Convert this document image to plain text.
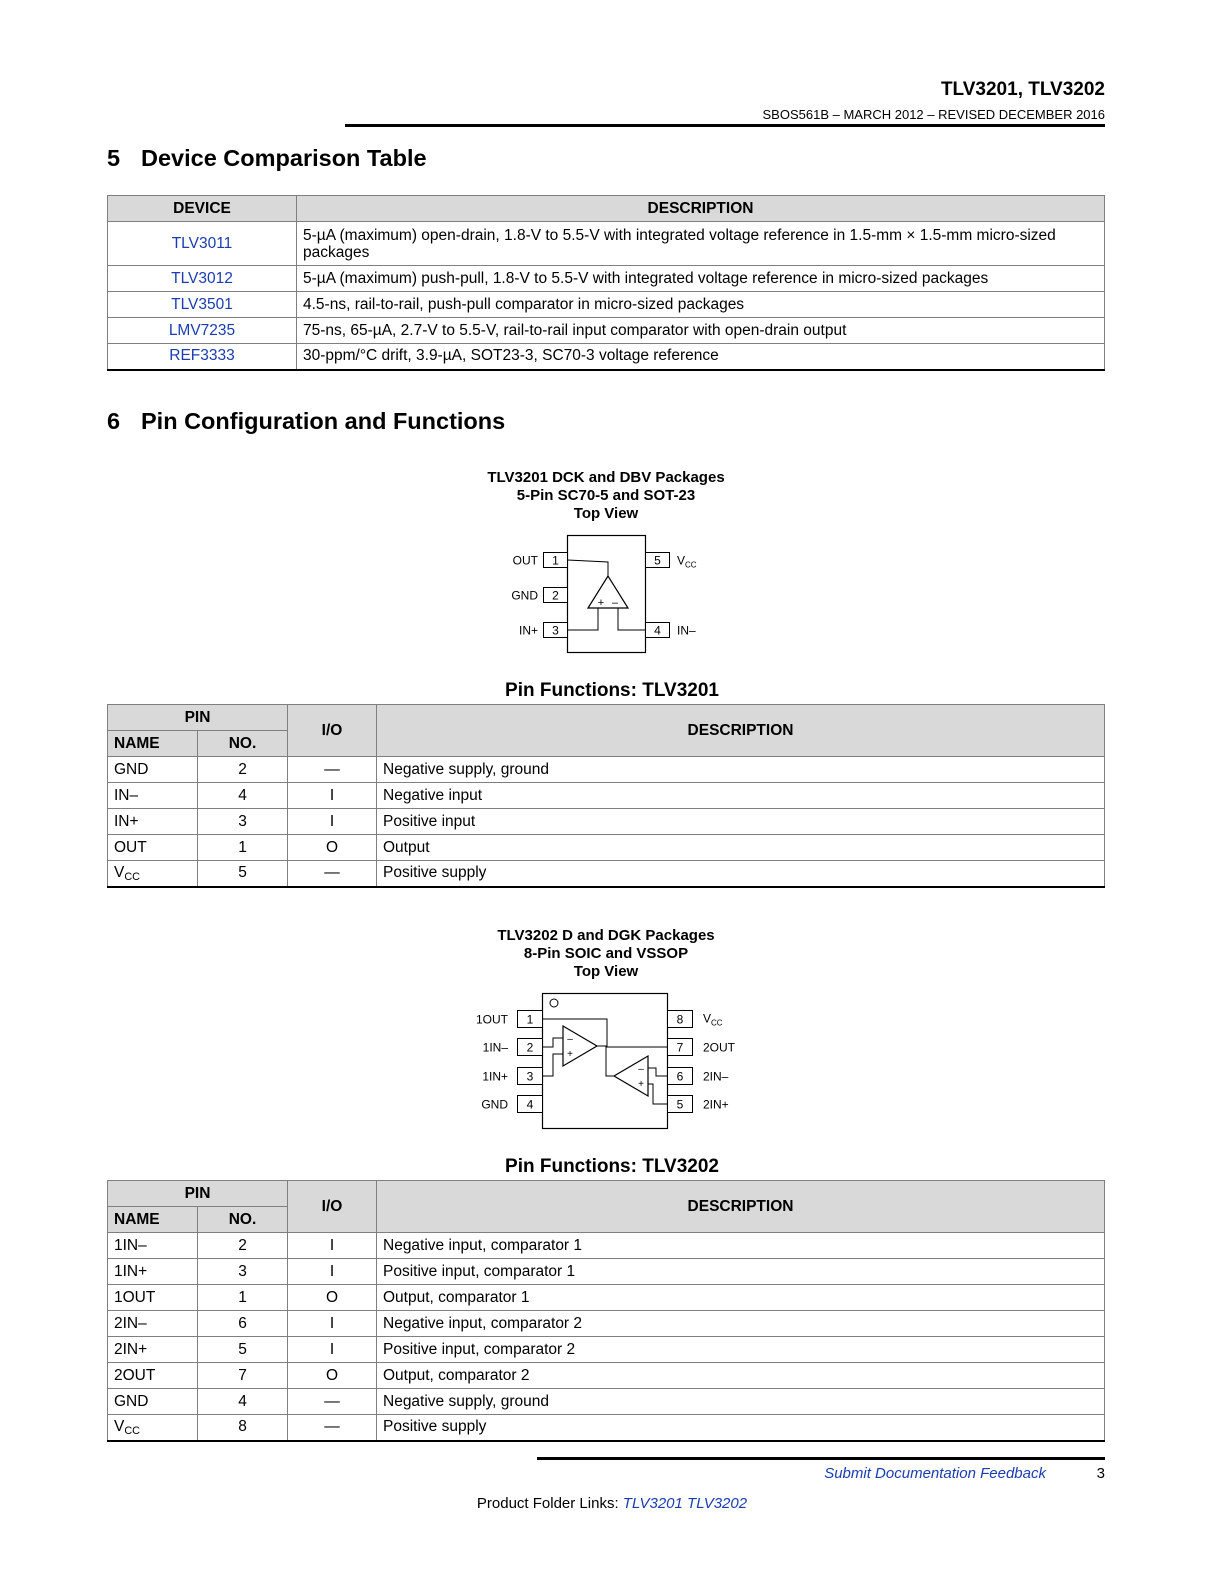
TLV3201, TLV3202
SBOS561B – MARCH 2012 – REVISED DECEMBER 2016
5 Device Comparison Table
DEVICE	DESCRIPTION
TLV3011	5-µA (maximum) open-drain, 1.8-V to 5.5-V with integrated voltage reference in 1.5-mm × 1.5-mm micro-sized packages
TLV3012	5-µA (maximum) push-pull, 1.8-V to 5.5-V with integrated voltage reference in micro-sized packages
TLV3501	4.5-ns, rail-to-rail, push-pull comparator in micro-sized packages
LMV7235	75-ns, 65-µA, 2.7-V to 5.5-V, rail-to-rail input comparator with open-drain output
REF3333	30-ppm/°C drift, 3.9-µA, SOT23-3, SC70-3 voltage reference
6 Pin Configuration and Functions
TLV3201 DCK and DBV Packages
5-Pin SC70-5 and SOT-23
Top View
1
2
3
5
4
OUT
GND
IN+
$V_{CC}$
IN–
+ –
Pin Functions: TLV3201
PIN		I/O	DESCRIPTION
NAME	NO.		
GND	2	—	Negative supply, ground
IN–	4	I	Negative input
IN+	3	I	Positive input
OUT	1	O	Output
$V_{CC}$	5	—	Positive supply
TLV3202 D and DGK Packages
8-Pin SOIC and VSSOP
Top View
1
2
3
4
8
7
6
5
1OUT
1IN–
1IN+
GND
$V_{CC}$
2OUT
2IN–
2IN+
–
+
–
+
Pin Functions: TLV3202
PIN		I/O	DESCRIPTION
NAME	NO.		
1IN–	2	I	Negative input, comparator 1
1IN+	3	I	Positive input, comparator 1
1OUT	1	O	Output, comparator 1
2IN–	6	I	Negative input, comparator 2
2IN+	5	I	Positive input, comparator 2
2OUT	7	O	Output, comparator 2
GND	4	—	Negative supply, ground
$V_{CC}$	8	—	Positive supply
Submit Documentation Feedback	3
Product Folder Links: TLV3201 TLV3202
